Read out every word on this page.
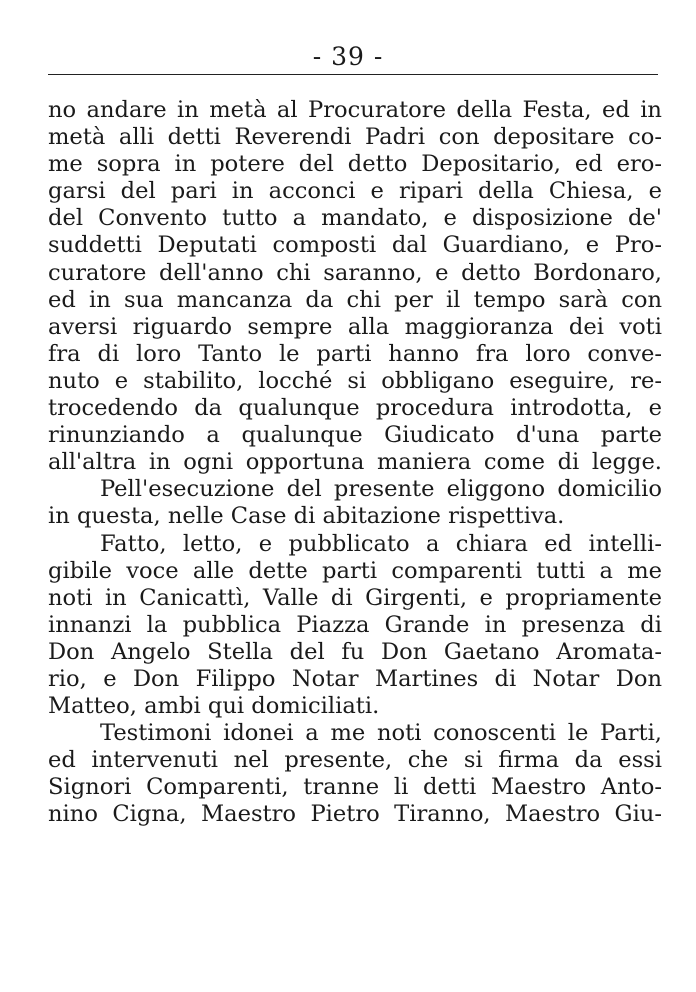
- 39 -
no andare in metà al Procuratore della Festa, ed in
metà alli detti Reverendi Padri con depositare co-
me sopra in potere del detto Depositario, ed ero-
garsi del pari in acconci e ripari della Chiesa, e
del Convento tutto a mandato, e disposizione de'
suddetti Deputati composti dal Guardiano, e Pro-
curatore dell'anno chi saranno, e detto Bordonaro,
ed in sua mancanza da chi per il tempo sarà con
aversi riguardo sempre alla maggioranza dei voti
fra di loro Tanto le parti hanno fra loro conve-
nuto e stabilito, locché si obbligano eseguire, re-
trocedendo da qualunque procedura introdotta, e
rinunziando a qualunque Giudicato d'una parte
all'altra in ogni opportuna maniera come di legge.
Pell'esecuzione del presente eliggono domicilio
in questa, nelle Case di abitazione rispettiva.
Fatto, letto, e pubblicato a chiara ed intelli-
gibile voce alle dette parti comparenti tutti a me
noti in Canicattì, Valle di Girgenti, e propriamente
innanzi la pubblica Piazza Grande in presenza di
Don Angelo Stella del fu Don Gaetano Aromata-
rio, e Don Filippo Notar Martines di Notar Don
Matteo, ambi qui domiciliati.
Testimoni idonei a me noti conoscenti le Parti,
ed intervenuti nel presente, che si firma da essi
Signori Comparenti, tranne li detti Maestro Anto-
nino Cigna, Maestro Pietro Tiranno, Maestro Giu-
